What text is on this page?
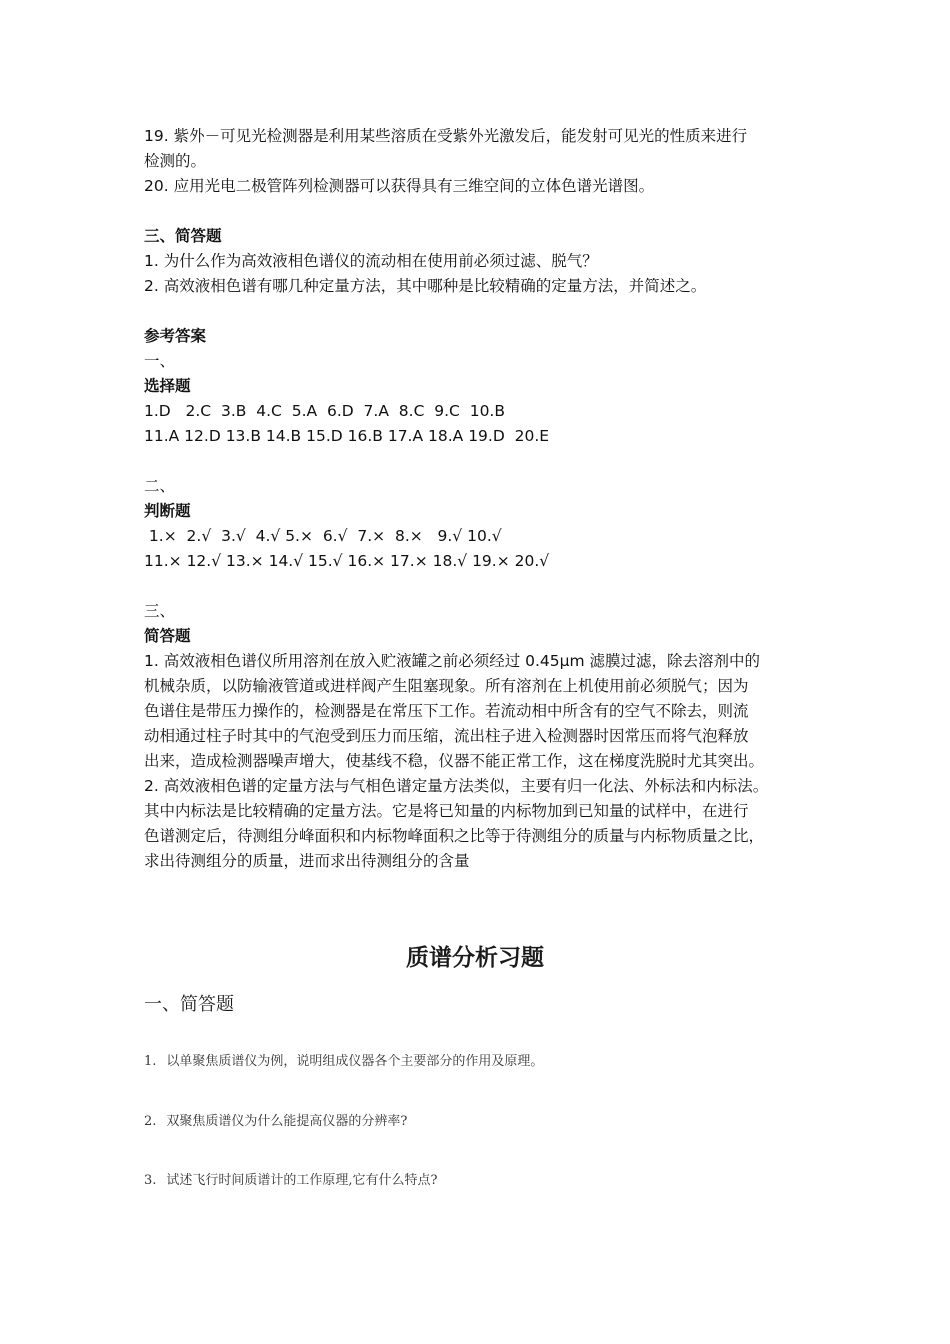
19. 紫外－可见光检测器是利用某些溶质在受紫外光激发后，能发射可见光的性质来进行

检测的。

20. 应用光电二极管阵列检测器可以获得具有三维空间的立体色谱光谱图。

三、简答题

1. 为什么作为高效液相色谱仪的流动相在使用前必须过滤、脱气？

2. 高效液相色谱有哪几种定量方法，其中哪种是比较精确的定量方法，并简述之。

参考答案

一、

选择题

1.D   2.C  3.B  4.C  5.A  6.D  7.A  8.C  9.C  10.B

11.A 12.D 13.B 14.B 15.D 16.B 17.A 18.A 19.D  20.E

二、

判断题

1.×  2.√  3.√  4.√ 5.×  6.√  7.×  8.×   9.√ 10.√

11.× 12.√ 13.× 14.√ 15.√ 16.× 17.× 18.√ 19.× 20.√

三、

简答题

1. 高效液相色谱仪所用溶剂在放入贮液罐之前必须经过 0.45μm 滤膜过滤，除去溶剂中的

机械杂质，以防输液管道或进样阀产生阻塞现象。所有溶剂在上机使用前必须脱气；因为

色谱住是带压力操作的，检测器是在常压下工作。若流动相中所含有的空气不除去，则流

动相通过柱子时其中的气泡受到压力而压缩，流出柱子进入检测器时因常压而将气泡释放

出来，造成检测器噪声增大，使基线不稳，仪器不能正常工作，这在梯度洗脱时尤其突出。

2. 高效液相色谱的定量方法与气相色谱定量方法类似，主要有归一化法、外标法和内标法。

其中内标法是比较精确的定量方法。它是将已知量的内标物加到已知量的试样中，在进行

色谱测定后，待测组分峰面积和内标物峰面积之比等于待测组分的质量与内标物质量之比，

求出待测组分的质量，进而求出待测组分的含量

质谱分析习题
一、简答题
1. 以单聚焦质谱仪为例，说明组成仪器各个主要部分的作用及原理。
2. 双聚焦质谱仪为什么能提高仪器的分辨率?
3. 试述飞行时间质谱计的工作原理,它有什么特点?
